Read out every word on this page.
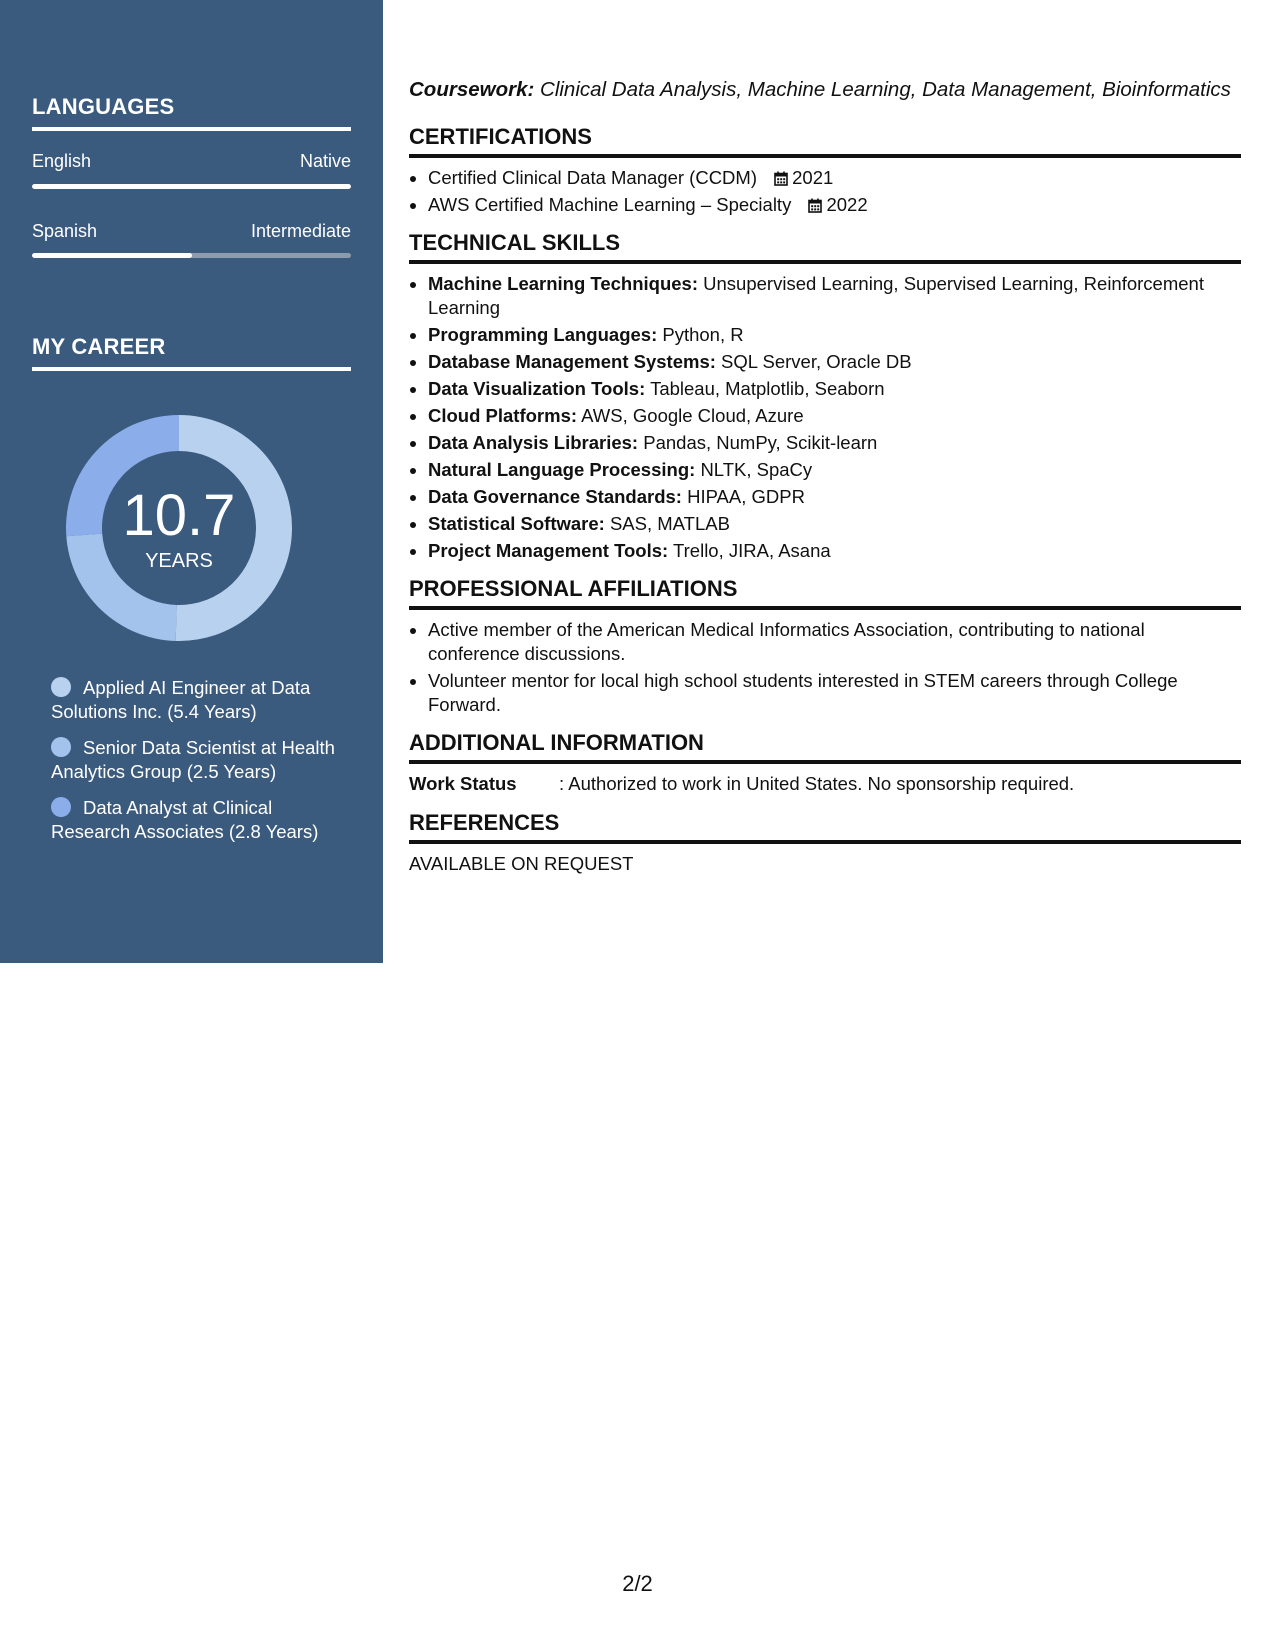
LANGUAGES
English	Native
Spanish	Intermediate
MY CAREER
10.7
YEARS
Applied AI Engineer at Data Solutions Inc. (5.4 Years)
Senior Data Scientist at Health Analytics Group (2.5 Years)
Data Analyst at Clinical Research Associates (2.8 Years)
Coursework: Clinical Data Analysis, Machine Learning, Data Management, Bioinformatics
CERTIFICATIONS
• Certified Clinical Data Manager (CCDM) 2021
• AWS Certified Machine Learning – Specialty 2022
TECHNICAL SKILLS
• Machine Learning Techniques: Unsupervised Learning, Supervised Learning, Reinforcement Learning
• Programming Languages: Python, R
• Database Management Systems: SQL Server, Oracle DB
• Data Visualization Tools: Tableau, Matplotlib, Seaborn
• Cloud Platforms: AWS, Google Cloud, Azure
• Data Analysis Libraries: Pandas, NumPy, Scikit-learn
• Natural Language Processing: NLTK, SpaCy
• Data Governance Standards: HIPAA, GDPR
• Statistical Software: SAS, MATLAB
• Project Management Tools: Trello, JIRA, Asana
PROFESSIONAL AFFILIATIONS
• Active member of the American Medical Informatics Association, contributing to national conference discussions.
• Volunteer mentor for local high school students interested in STEM careers through College Forward.
ADDITIONAL INFORMATION
Work Status	: Authorized to work in United States. No sponsorship required.
REFERENCES
AVAILABLE ON REQUEST
2/2
